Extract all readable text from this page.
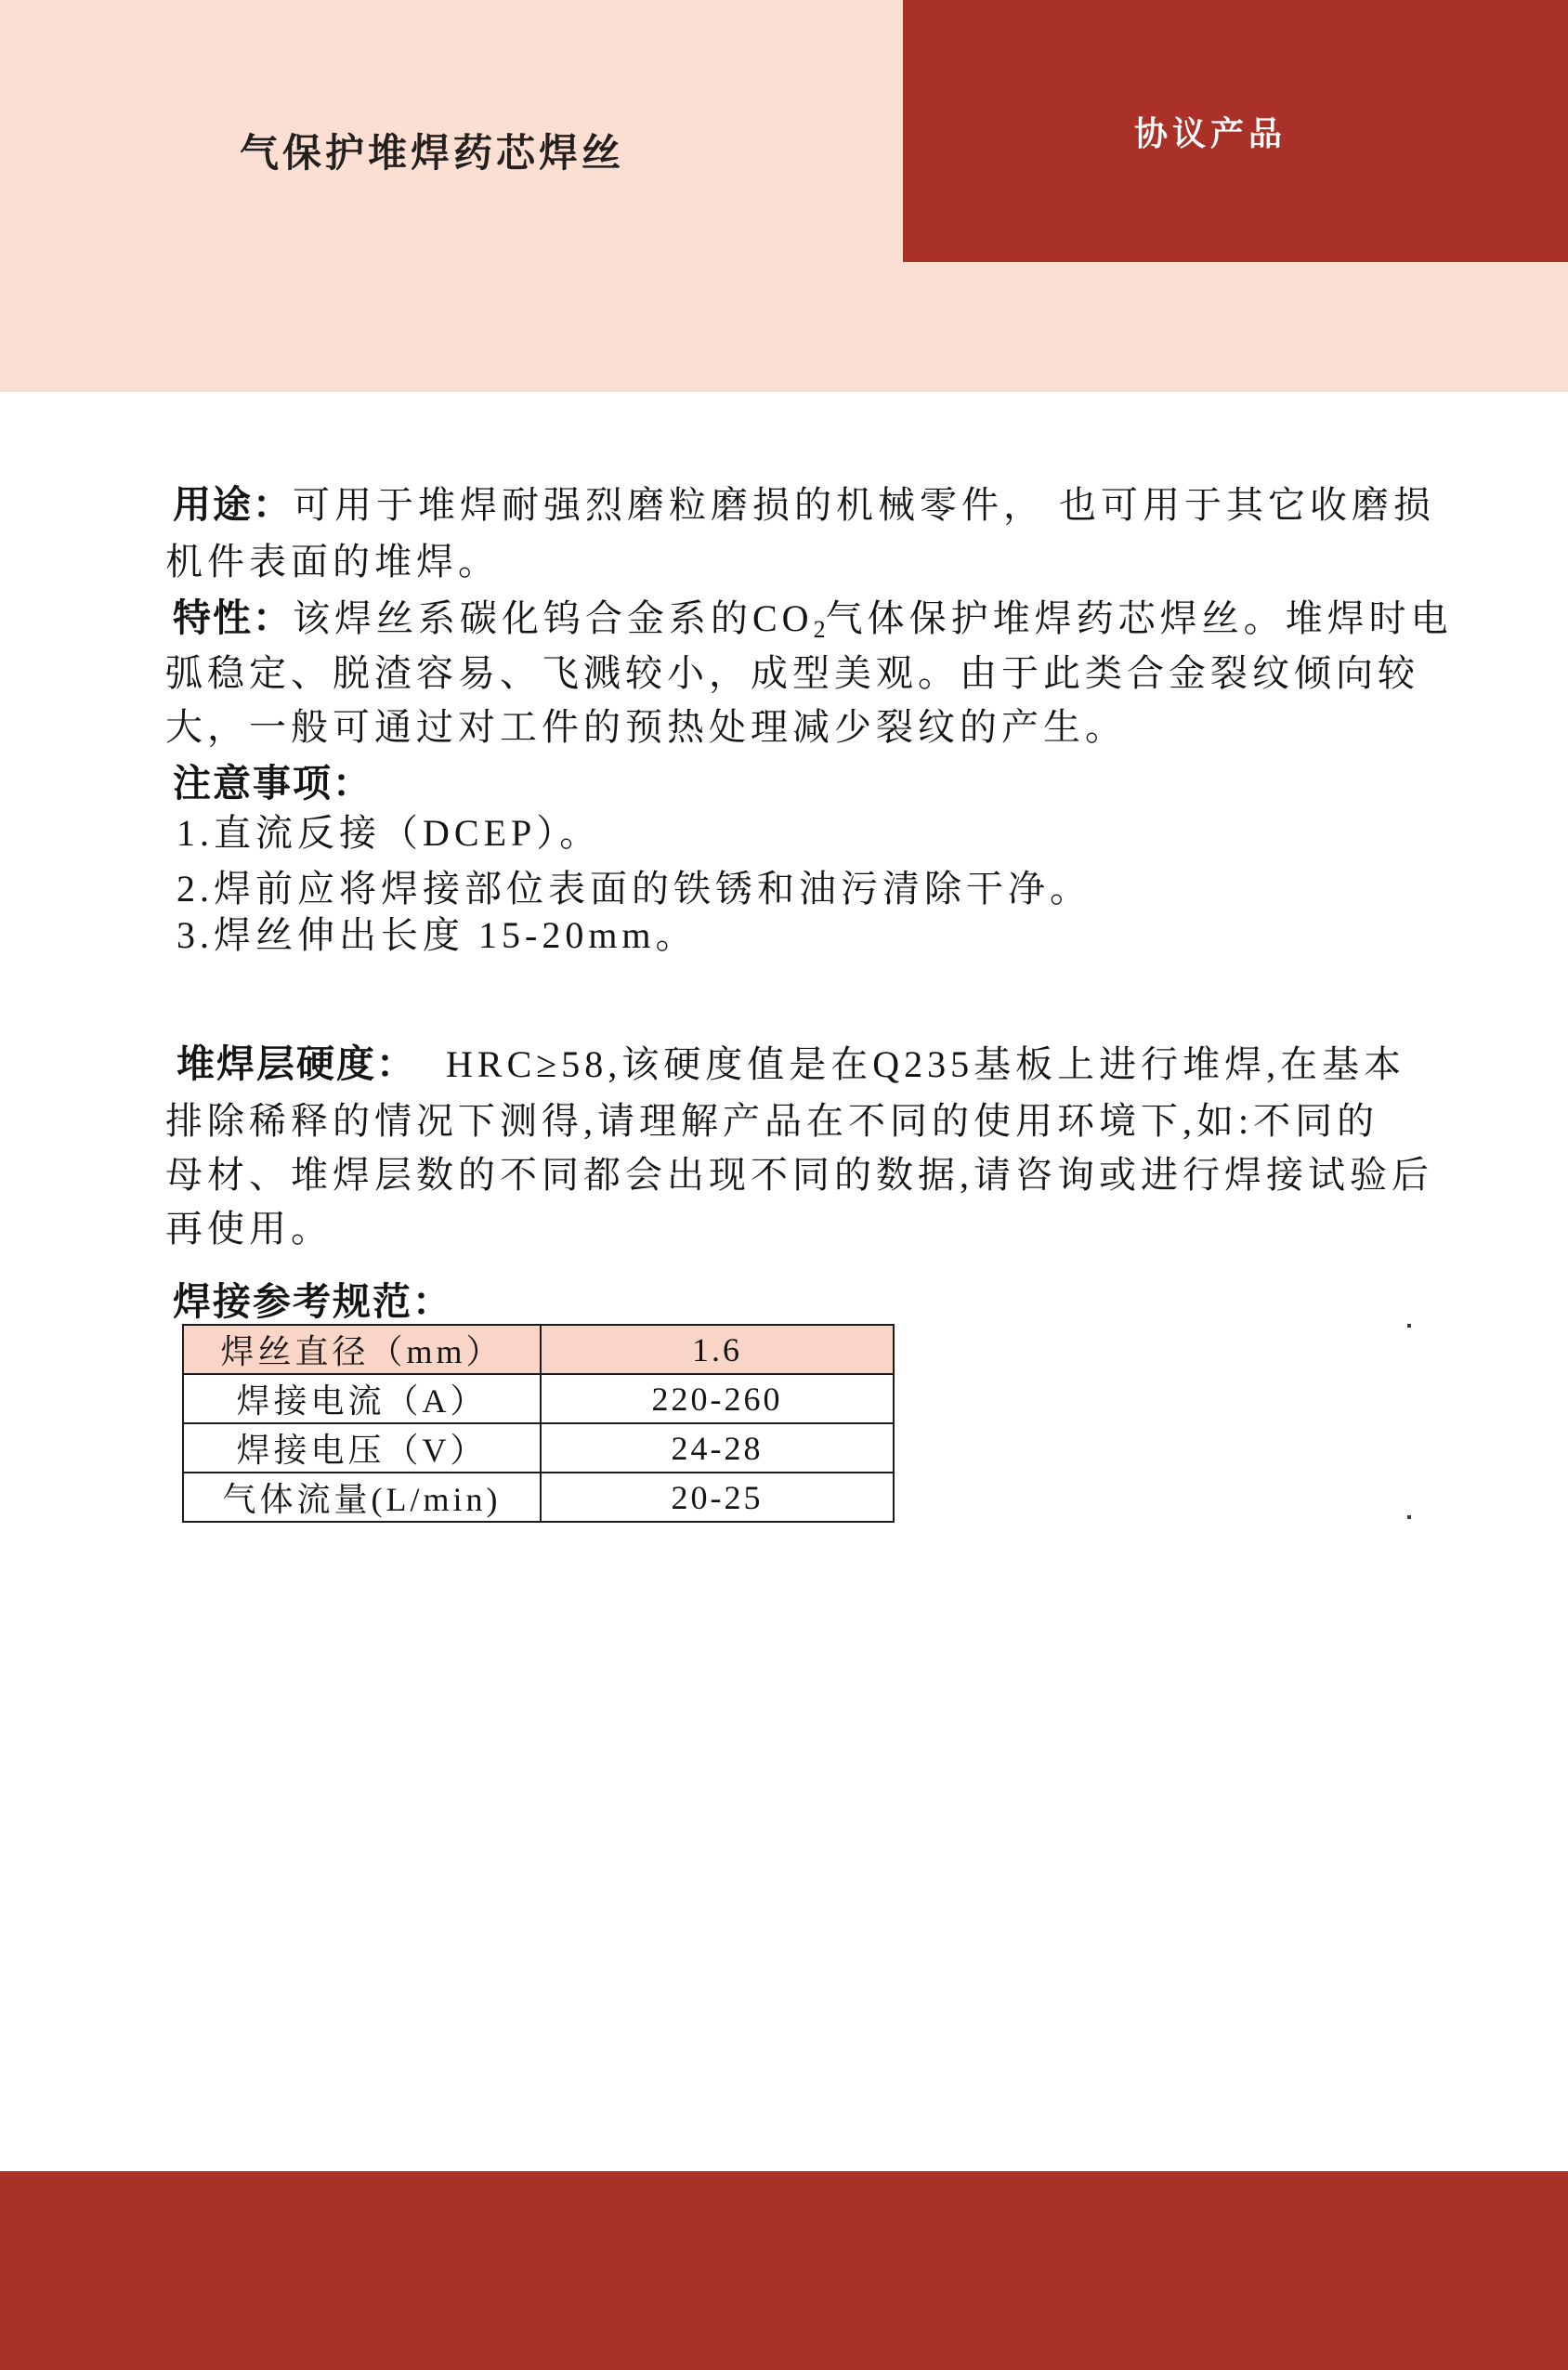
气保护堆焊药芯焊丝	协议产品
用途：可用于堆焊耐强烈磨粒磨损的机械零件， 也可用于其它收磨损
机件表面的堆焊。
特性：该焊丝系碳化钨合金系的CO2气体保护堆焊药芯焊丝。堆焊时电
弧稳定、脱渣容易、飞溅较小，成型美观。由于此类合金裂纹倾向较
大，一般可通过对工件的预热处理减少裂纹的产生。
注意事项：
1.直流反接（DCEP）。
2.焊前应将焊接部位表面的铁锈和油污清除干净。
3.焊丝伸出长度 15-20mm。
堆焊层硬度： HRC≥58,该硬度值是在Q235基板上进行堆焊,在基本
排除稀释的情况下测得,请理解产品在不同的使用环境下,如:不同的
母材、堆焊层数的不同都会出现不同的数据,请咨询或进行焊接试验后
再使用。
焊接参考规范：
焊丝直径（mm）	1.6
焊接电流（A）	220-260
焊接电压（V）	24-28
气体流量(L/min)	20-25
